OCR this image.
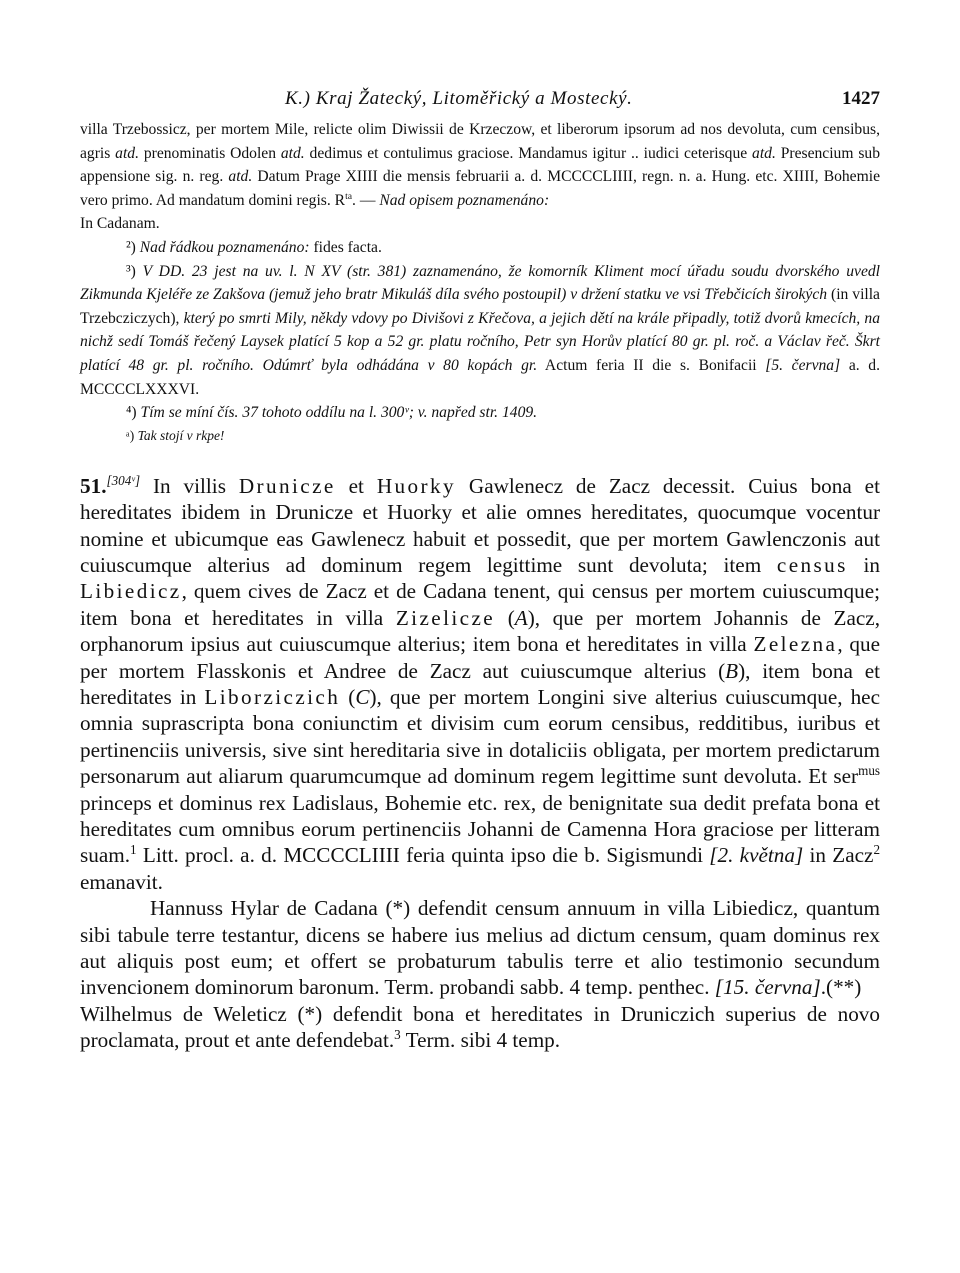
K.) Kraj Žatecký, Litoměřický a Mostecký.	1427

villa Trzebossicz, per mortem Mile, relicte olim Diwissii de Krzeczow, et liberorum ipsorum ad nos devoluta, cum censibus, agris atd. prenominatis Odolen atd. dedimus et contulimus graciose. Mandamus igitur .. iudici ceterisque atd. Presencium sub appensione sig. n. reg. atd. Datum Prage XIIII die mensis februarii a. d. MCCCCLIIII, regn. n. a. Hung. etc. XIIII, Bohemie vero primo. Ad mandatum domini regis. $R^{ta}$. — Nad opisem poznamenáno:
In Cadanam.

²) Nad řádkou poznamenáno: fides facta.

³) V DD. 23 jest na uv. l. N XV (str. 381) zaznamenáno, že komorník Kliment mocí úřadu soudu dvorského uvedl Zikmunda Kjeléře ze Zakšova (jemuž jeho bratr Mikuláš díla svého postoupil) v držení statku ve vsi Třebčicích širokých (in villa Trzebcziczych), který po smrti Mily, někdy vdovy po Divišovi z Křečova, a jejich dětí na krále připadly, totiž dvorů kmecích, na nichž sedí Tomáš řečený Laysek platící 5 kop a 52 gr. platu ročního, Petr syn Horův platící 80 gr. pl. roč. a Václav řeč. Škrt platící 48 gr. pl. ročního. Odúmrť byla odhádána v 80 kopách gr. Actum feria II die s. Bonifacii [5. června] a. d. MCCCCLXXXVI.

⁴) Tím se míní čís. 37 tohoto oddílu na l. 300ᵛ; v. napřed str. 1409.

ᵃ) Tak stojí v rkpe!

51.[304ᵛ] In villis Drunicze et Huorky Gawlenecz de Zacz decessit. Cuius bona et hereditates ibidem in Drunicze et Huorky et alie omnes hereditates, quocumque vocentur nomine et ubicumque eas Gawlenecz habuit et possedit, que per mortem Gawlenczonis aut cuiuscumque alterius ad dominum regem legittime sunt devoluta; item census in Libiedicz, quem cives de Zacz et de Cadana tenent, qui census per mortem cuiuscumque; item bona et hereditates in villa Zizelicze (A), que per mortem Johannis de Zacz, orphanorum ipsius aut cuiuscumque alterius; item bona et hereditates in villa Zelezna, que per mortem Flasskonis et Andree de Zacz aut cuiuscumque alterius (B), item bona et hereditates in Liborziczich (C), que per mortem Longini sive alterius cuiuscumque, hec omnia suprascripta bona coniunctim et divisim cum eorum censibus, redditibus, iuribus et pertinenciis universis, sive sint hereditaria sive in dotaliciis obligata, per mortem predictarum personarum aut aliarum quarumcumque ad dominum regem legittime sunt devoluta. Et ser$^{mus}$ princeps et dominus rex Ladislaus, Bohemie etc. rex, de benignitate sua dedit prefata bona et hereditates cum omnibus eorum pertinenciis Johanni de Camenna Hora graciose per litteram suam.$^1$ Litt. procl. a. d. MCCCCLIIII feria quinta ipso die b. Sigismundi [2. května] in Zacz$^2$ emanavit.

Hannuss Hylar de Cadana (*) defendit censum annuum in villa Libiedicz, quantum sibi tabule terre testantur, dicens se habere ius melius ad dictum censum, quam dominus rex aut aliquis post eum; et offert se probaturum tabulis terre et alio testimonio secundum invencionem dominorum baronum. Term. probandi sabb. 4 temp. penthec. [15. června].(**)

Wilhelmus de Weleticz (*) defendit bona et hereditates in Druniczich superius de novo proclamata, prout et ante defendebat.$^3$ Term. sibi 4 temp.
